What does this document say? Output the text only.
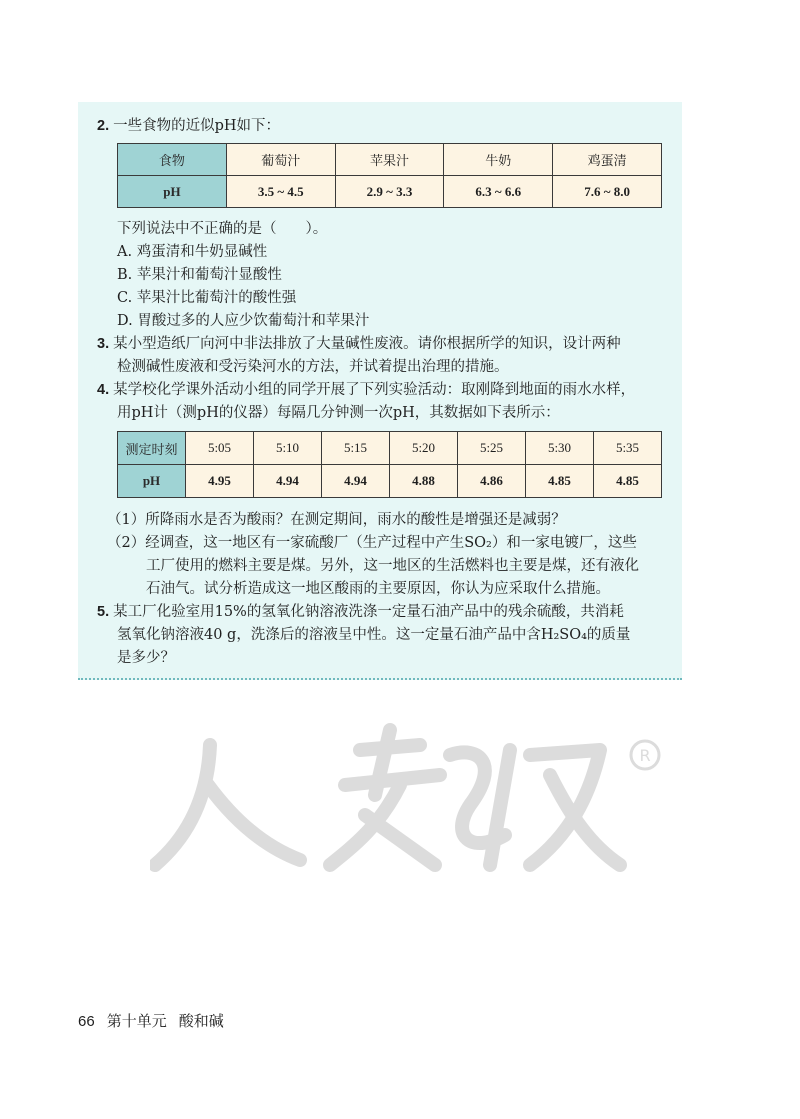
2. 一些食物的近似pH如下：
食物	葡萄汁	苹果汁	牛奶	鸡蛋清
pH	3.5 ~ 4.5	2.9 ~ 3.3	6.3 ~ 6.6	7.6 ~ 8.0
下列说法中不正确的是（　　）。
A. 鸡蛋清和牛奶显碱性
B. 苹果汁和葡萄汁显酸性
C. 苹果汁比葡萄汁的酸性强
D. 胃酸过多的人应少饮葡萄汁和苹果汁
3. 某小型造纸厂向河中非法排放了大量碱性废液。请你根据所学的知识，设计两种
检测碱性废液和受污染河水的方法，并试着提出治理的措施。
4. 某学校化学课外活动小组的同学开展了下列实验活动：取刚降到地面的雨水水样，
用pH计（测pH的仪器）每隔几分钟测一次pH，其数据如下表所示：
测定时刻	5:05	5:10	5:15	5:20	5:25	5:30	5:35
pH	4.95	4.94	4.94	4.88	4.86	4.85	4.85
（1）所降雨水是否为酸雨？在测定期间，雨水的酸性是增强还是减弱？
（2）经调查，这一地区有一家硫酸厂（生产过程中产生SO₂）和一家电镀厂，这些
工厂使用的燃料主要是煤。另外，这一地区的生活燃料也主要是煤，还有液化
石油气。试分析造成这一地区酸雨的主要原因，你认为应采取什么措施。
5. 某工厂化验室用15%的氢氧化钠溶液洗涤一定量石油产品中的残余硫酸，共消耗
氢氧化钠溶液40 g，洗涤后的溶液呈中性。这一定量石油产品中含H₂SO₄的质量
是多少？
R
66 第十单元 酸和碱
